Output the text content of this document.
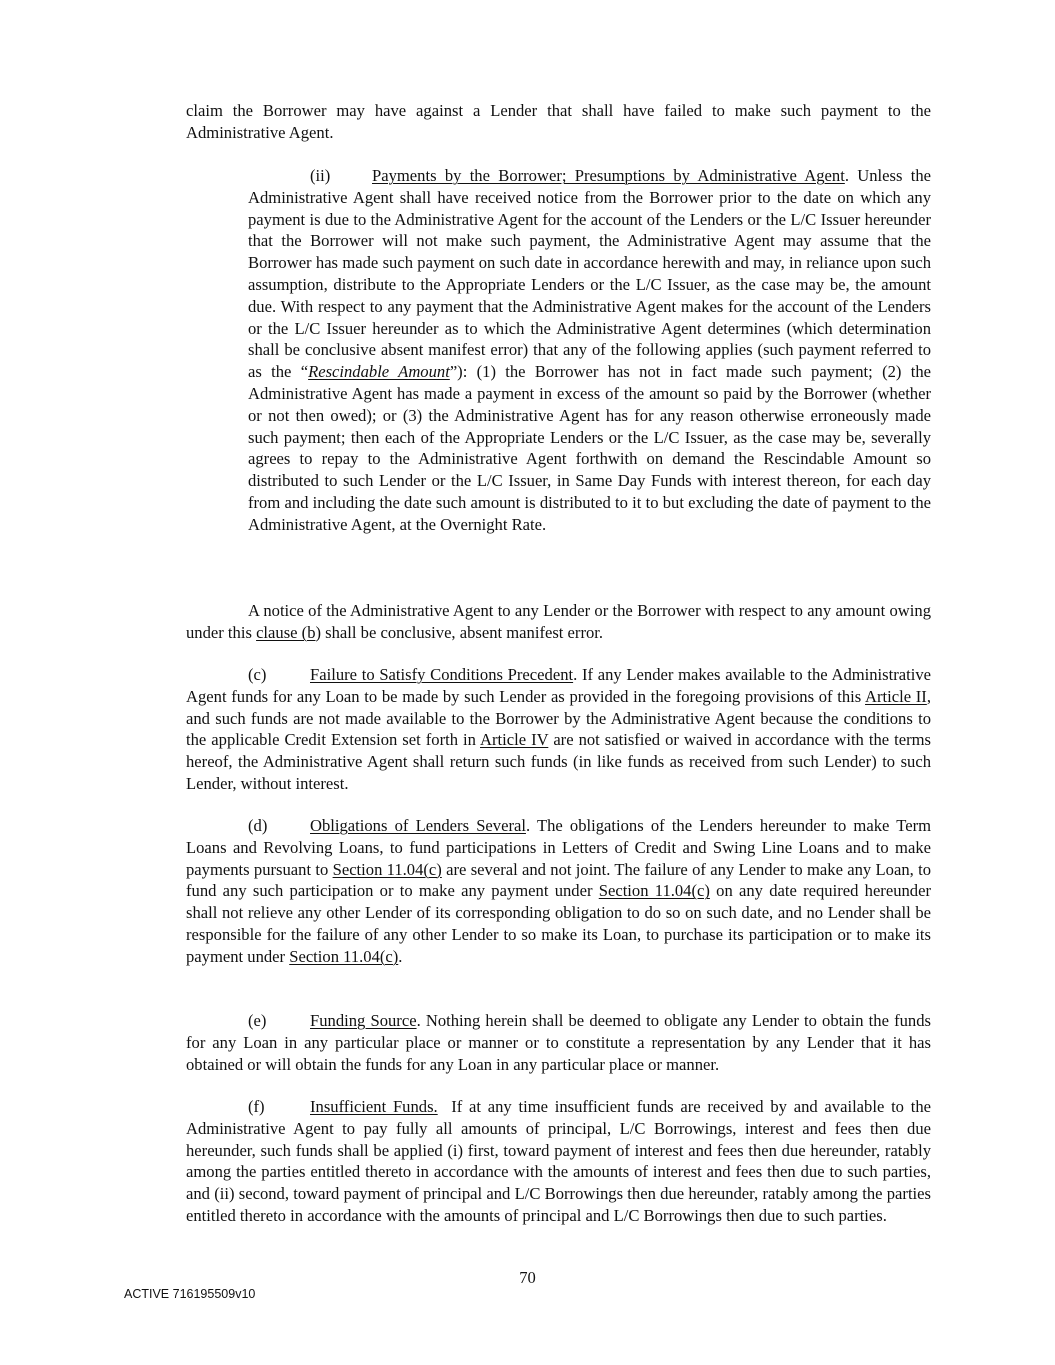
claim the Borrower may have against a Lender that shall have failed to make such payment to the Administrative Agent.

(ii)	Payments by the Borrower; Presumptions by Administrative Agent. Unless the Administrative Agent shall have received notice from the Borrower prior to the date on which any payment is due to the Administrative Agent for the account of the Lenders or the L/C Issuer hereunder that the Borrower will not make such payment, the Administrative Agent may assume that the Borrower has made such payment on such date in accordance herewith and may, in reliance upon such assumption, distribute to the Appropriate Lenders or the L/C Issuer, as the case may be, the amount due. With respect to any payment that the Administrative Agent makes for the account of the Lenders or the L/C Issuer hereunder as to which the Administrative Agent determines (which determination shall be conclusive absent manifest error) that any of the following applies (such payment referred to as the “Rescindable Amount”): (1) the Borrower has not in fact made such payment; (2) the Administrative Agent has made a payment in excess of the amount so paid by the Borrower (whether or not then owed); or (3) the Administrative Agent has for any reason otherwise erroneously made such payment; then each of the Appropriate Lenders or the L/C Issuer, as the case may be, severally agrees to repay to the Administrative Agent forthwith on demand the Rescindable Amount so distributed to such Lender or the L/C Issuer, in Same Day Funds with interest thereon, for each day from and including the date such amount is distributed to it to but excluding the date of payment to the Administrative Agent, at the Overnight Rate.

A notice of the Administrative Agent to any Lender or the Borrower with respect to any amount owing under this clause (b) shall be conclusive, absent manifest error.

(c)	Failure to Satisfy Conditions Precedent. If any Lender makes available to the Administrative Agent funds for any Loan to be made by such Lender as provided in the foregoing provisions of this Article II, and such funds are not made available to the Borrower by the Administrative Agent because the conditions to the applicable Credit Extension set forth in Article IV are not satisfied or waived in accordance with the terms hereof, the Administrative Agent shall return such funds (in like funds as received from such Lender) to such Lender, without interest.

(d)	Obligations of Lenders Several. The obligations of the Lenders hereunder to make Term Loans and Revolving Loans, to fund participations in Letters of Credit and Swing Line Loans and to make payments pursuant to Section 11.04(c) are several and not joint. The failure of any Lender to make any Loan, to fund any such participation or to make any payment under Section 11.04(c) on any date required hereunder shall not relieve any other Lender of its corresponding obligation to do so on such date, and no Lender shall be responsible for the failure of any other Lender to so make its Loan, to purchase its participation or to make its payment under Section 11.04(c).

(e)	Funding Source. Nothing herein shall be deemed to obligate any Lender to obtain the funds for any Loan in any particular place or manner or to constitute a representation by any Lender that it has obtained or will obtain the funds for any Loan in any particular place or manner.

(f)	Insufficient Funds.  If at any time insufficient funds are received by and available to the Administrative Agent to pay fully all amounts of principal, L/C Borrowings, interest and fees then due hereunder, such funds shall be applied (i) first, toward payment of interest and fees then due hereunder, ratably among the parties entitled thereto in accordance with the amounts of interest and fees then due to such parties, and (ii) second, toward payment of principal and L/C Borrowings then due hereunder, ratably among the parties entitled thereto in accordance with the amounts of principal and L/C Borrowings then due to such parties.

70

ACTIVE 716195509v10
